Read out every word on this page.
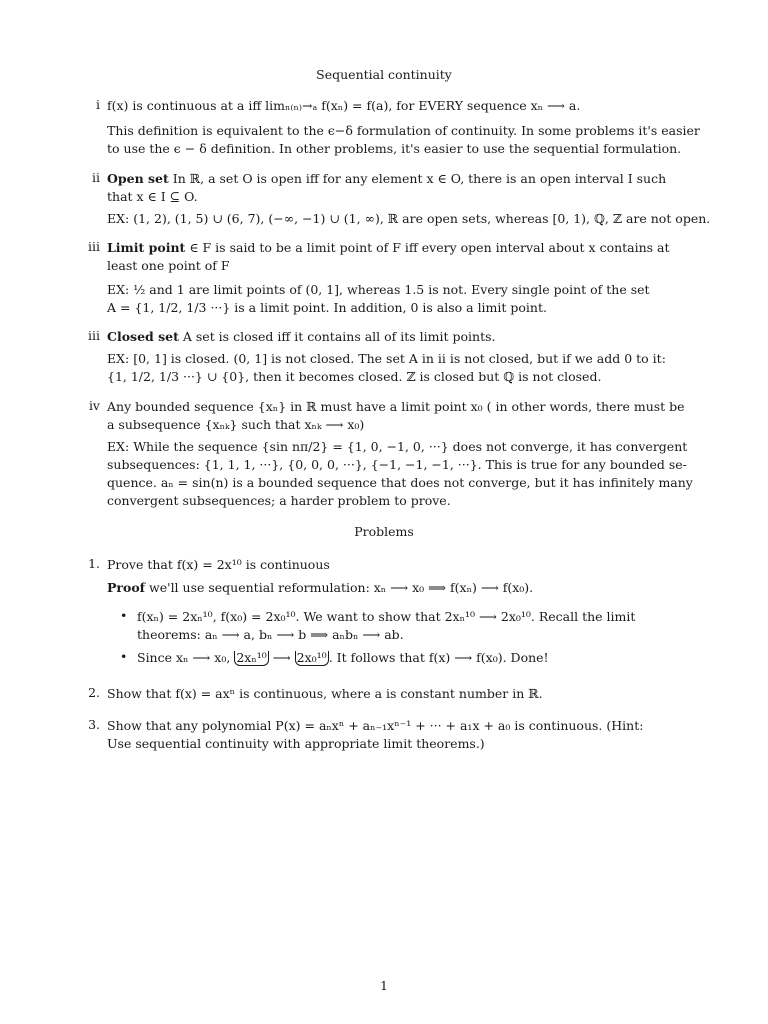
Sequential continuity
i f(x) is continuous at a iff limₙ₍ₙ₎→ₐ f(xₙ) = f(a), for EVERY sequence xₙ ⟶ a.
This definition is equivalent to the ϵ−δ formulation of continuity. In some problems it's easier
to use the ϵ − δ definition. In other problems, it's easier to use the sequential formulation.
ii Open set In ℝ, a set O is open iff for any element x ∈ O, there is an open interval I such
that x ∈ I ⊆ O.
EX: (1, 2), (1, 5) ∪ (6, 7), (−∞, −1) ∪ (1, ∞), ℝ are open sets, whereas [0, 1), ℚ, ℤ are not open.
iii Limit point ∈ F is said to be a limit point of F iff every open interval about x contains at
least one point of F
EX: ½ and 1 are limit points of (0, 1], whereas 1.5 is not. Every single point of the set
A = {1, 1/2, 1/3 ···} is a limit point. In addition, 0 is also a limit point.
iii Closed set A set is closed iff it contains all of its limit points.
EX: [0, 1] is closed. (0, 1] is not closed. The set A in ii is not closed, but if we add 0 to it:
{1, 1/2, 1/3 ···} ∪ {0}, then it becomes closed. ℤ is closed but ℚ is not closed.
iv Any bounded sequence {xₙ} in ℝ must have a limit point x₀ ( in other words, there must be
a subsequence {xₙₖ} such that xₙₖ ⟶ x₀)
EX: While the sequence {sin nπ/2} = {1, 0, −1, 0, ···} does not converge, it has convergent
subsequences: {1, 1, 1, ···}, {0, 0, 0, ···}, {−1, −1, −1, ···}. This is true for any bounded se-
quence. aₙ = sin(n) is a bounded sequence that does not converge, but it has infinitely many
convergent subsequences; a harder problem to prove.
Problems
1. Prove that f(x) = 2x¹⁰ is continuous
Proof we'll use sequential reformulation: xₙ ⟶ x₀ ⟹ f(xₙ) ⟶ f(x₀).
• f(xₙ) = 2xₙ¹⁰, f(x₀) = 2x₀¹⁰. We want to show that 2xₙ¹⁰ ⟶ 2x₀¹⁰. Recall the limit
theorems: aₙ ⟶ a, bₙ ⟶ b ⟹ aₙbₙ ⟶ ab.
• Since xₙ ⟶ x₀, 2xₙ¹⁰ ⟶ 2x₀¹⁰ . It follows that f(x) ⟶ f(x₀). Done!
2. Show that f(x) = axⁿ is continuous, where a is constant number in ℝ.
3. Show that any polynomial P(x) = aₙxⁿ + aₙ₋₁xⁿ⁻¹ + ··· + a₁x + a₀ is continuous. (Hint:
Use sequential continuity with appropriate limit theorems.)
1
